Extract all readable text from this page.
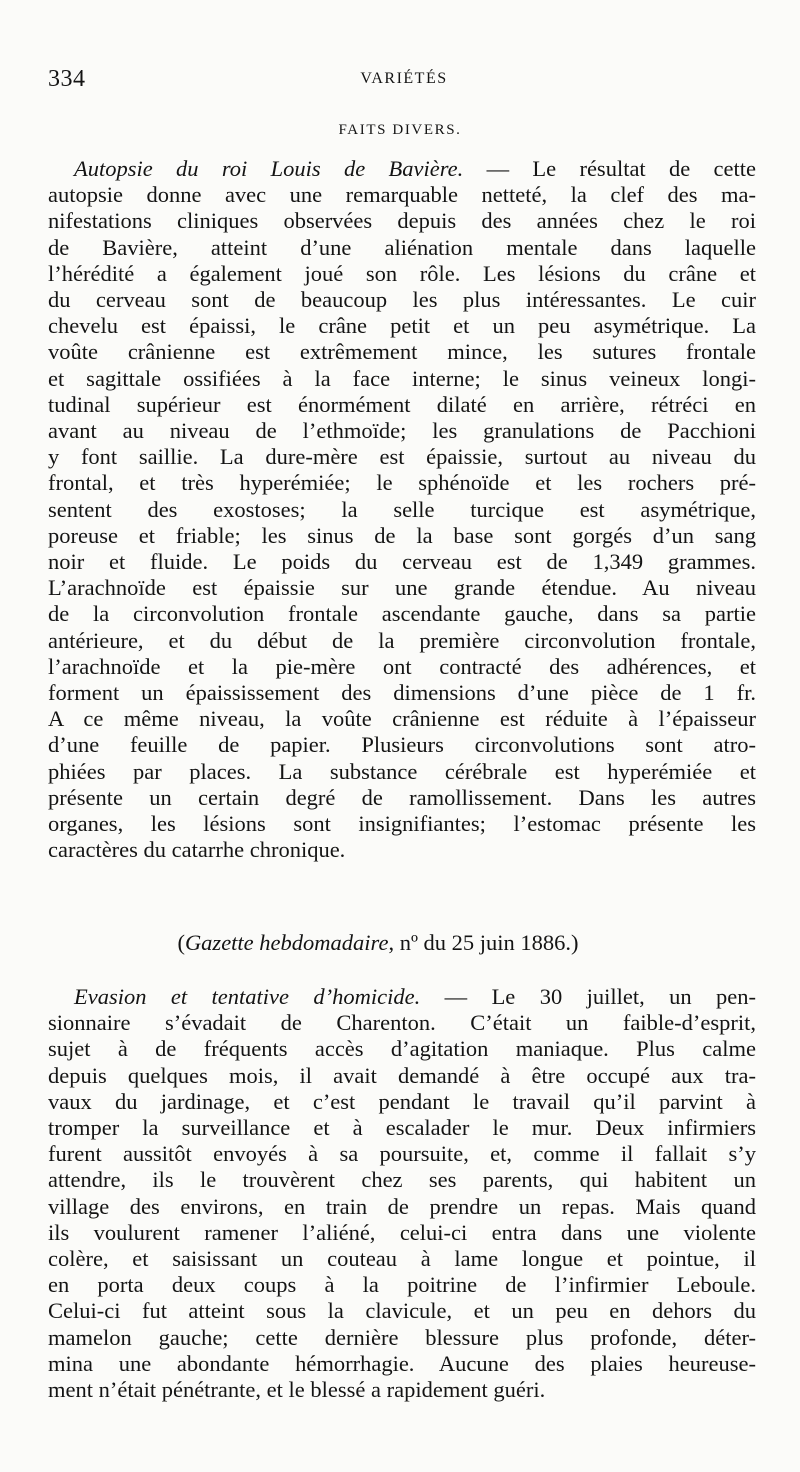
334	VARIÉTÉS
FAITS DIVERS.
Autopsie du roi Louis de Bavière. — Le résultat de cette
autopsie donne avec une remarquable netteté, la clef des ma-
nifestations cliniques observées depuis des années chez le roi
de Bavière, atteint d’une aliénation mentale dans laquelle
l’hérédité a également joué son rôle. Les lésions du crâne et
du cerveau sont de beaucoup les plus intéressantes. Le cuir
chevelu est épaissi, le crâne petit et un peu asymétrique. La
voûte crânienne est extrêmement mince, les sutures frontale
et sagittale ossifiées à la face interne; le sinus veineux longi-
tudinal supérieur est énormément dilaté en arrière, rétréci en
avant au niveau de l’ethmoïde; les granulations de Pacchioni
y font saillie. La dure-mère est épaissie, surtout au niveau du
frontal, et très hyperémiée; le sphénoïde et les rochers pré-
sentent des exostoses; la selle turcique est asymétrique,
poreuse et friable; les sinus de la base sont gorgés d’un sang
noir et fluide. Le poids du cerveau est de 1,349 grammes.
L’arachnoïde est épaissie sur une grande étendue. Au niveau
de la circonvolution frontale ascendante gauche, dans sa partie
antérieure, et du début de la première circonvolution frontale,
l’arachnoïde et la pie-mère ont contracté des adhérences, et
forment un épaississement des dimensions d’une pièce de 1 fr.
A ce même niveau, la voûte crânienne est réduite à l’épaisseur
d’une feuille de papier. Plusieurs circonvolutions sont atro-
phiées par places. La substance cérébrale est hyperémiée et
présente un certain degré de ramollissement. Dans les autres
organes, les lésions sont insignifiantes; l’estomac présente les
caractères du catarrhe chronique.
(Gazette hebdomadaire, nº du 25 juin 1886.)
Evasion et tentative d’homicide. — Le 30 juillet, un pen-
sionnaire s’évadait de Charenton. C’était un faible-d’esprit,
sujet à de fréquents accès d’agitation maniaque. Plus calme
depuis quelques mois, il avait demandé à être occupé aux tra-
vaux du jardinage, et c’est pendant le travail qu’il parvint à
tromper la surveillance et à escalader le mur. Deux infirmiers
furent aussitôt envoyés à sa poursuite, et, comme il fallait s’y
attendre, ils le trouvèrent chez ses parents, qui habitent un
village des environs, en train de prendre un repas. Mais quand
ils voulurent ramener l’aliéné, celui-ci entra dans une violente
colère, et saisissant un couteau à lame longue et pointue, il
en porta deux coups à la poitrine de l’infirmier Leboule.
Celui-ci fut atteint sous la clavicule, et un peu en dehors du
mamelon gauche; cette dernière blessure plus profonde, déter-
mina une abondante hémorrhagie. Aucune des plaies heureuse-
ment n’était pénétrante, et le blessé a rapidement guéri.
